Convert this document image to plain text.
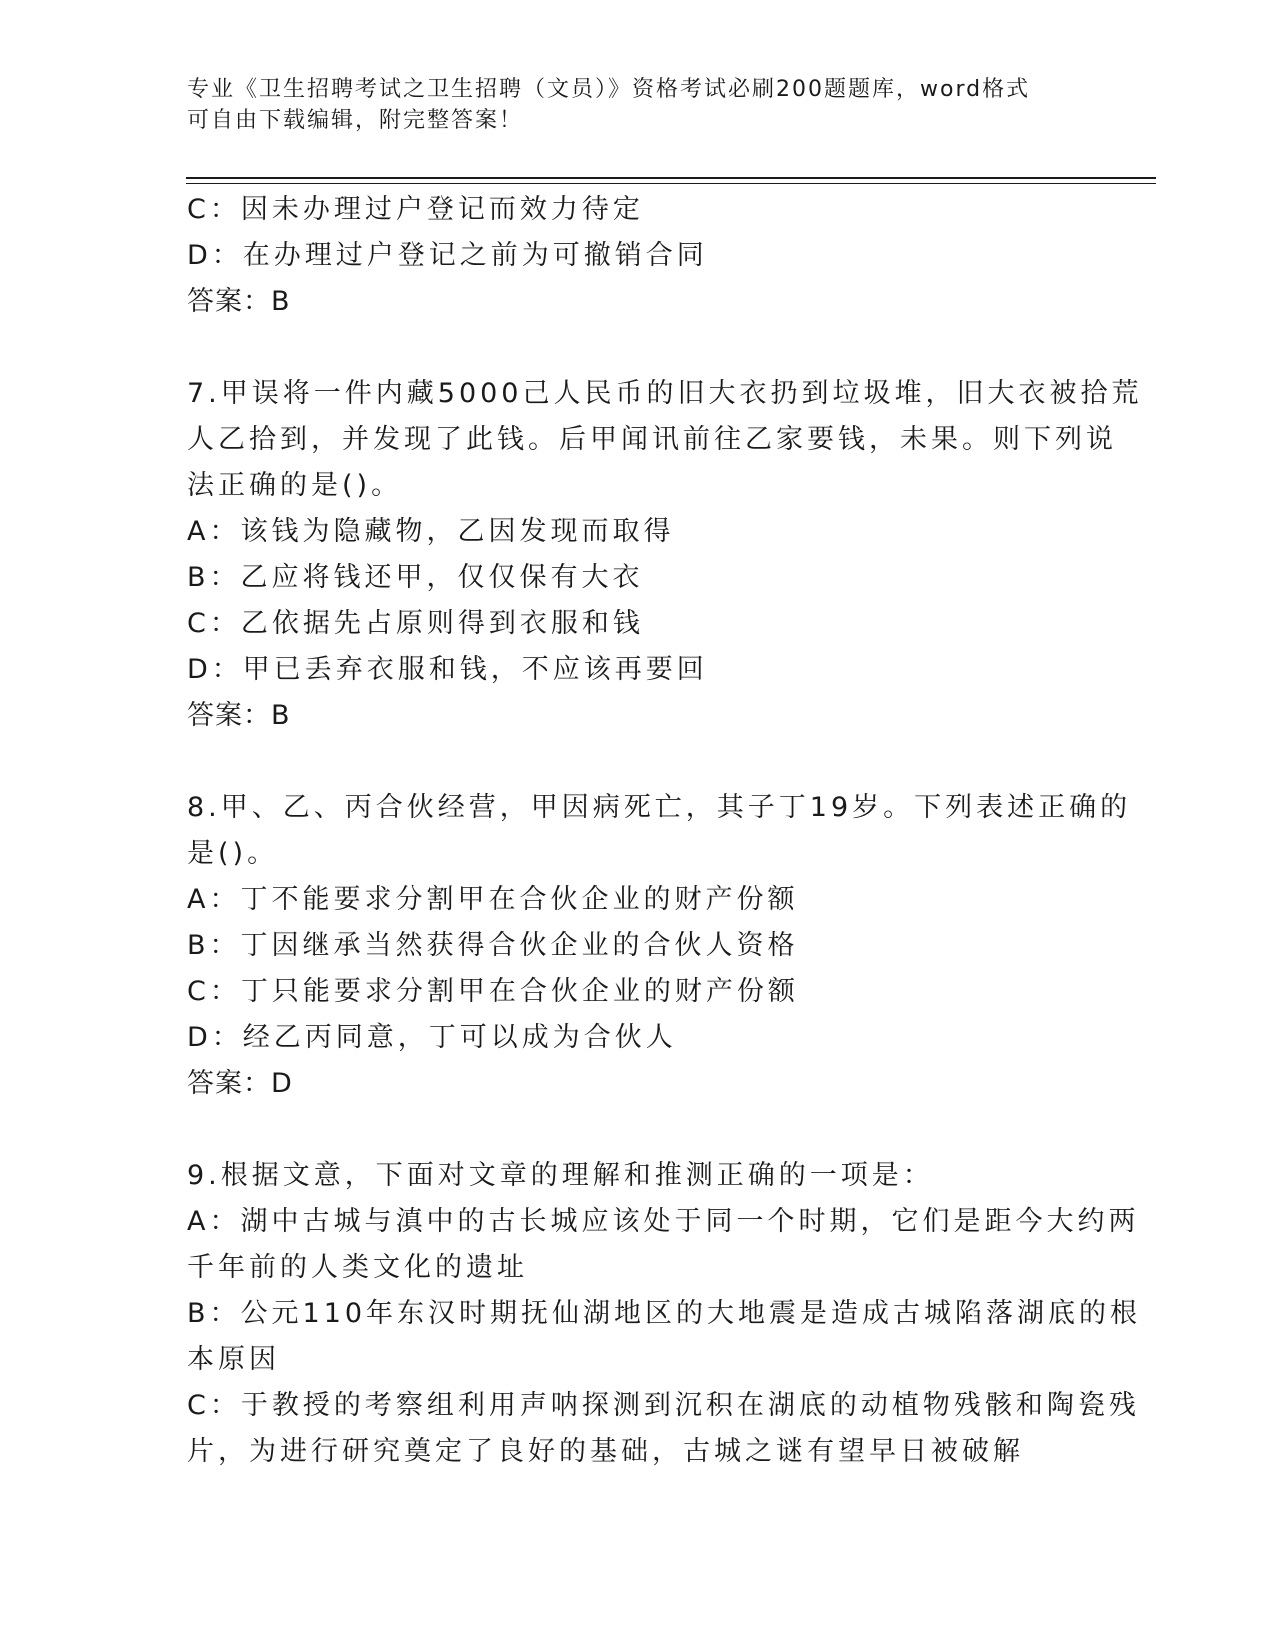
专业《卫生招聘考试之卫生招聘（文员）》资格考试必刷200题题库，word格式
可自由下载编辑，附完整答案！
C：因未办理过户登记而效力待定
D：在办理过户登记之前为可撤销合同
答案：B
7.甲误将一件内藏5000己人民币的旧大衣扔到垃圾堆，旧大衣被拾荒
人乙拾到，并发现了此钱。后甲闻讯前往乙家要钱，未果。则下列说
法正确的是()。
A：该钱为隐藏物，乙因发现而取得
B：乙应将钱还甲，仅仅保有大衣
C：乙依据先占原则得到衣服和钱
D：甲已丢弃衣服和钱，不应该再要回
答案：B
8.甲、乙、丙合伙经营，甲因病死亡，其子丁19岁。下列表述正确的
是()。
A：丁不能要求分割甲在合伙企业的财产份额
B：丁因继承当然获得合伙企业的合伙人资格
C：丁只能要求分割甲在合伙企业的财产份额
D：经乙丙同意，丁可以成为合伙人
答案：D
9.根据文意，下面对文章的理解和推测正确的一项是：
A：湖中古城与滇中的古长城应该处于同一个时期，它们是距今大约两
千年前的人类文化的遗址
B：公元110年东汉时期抚仙湖地区的大地震是造成古城陷落湖底的根
本原因
C：于教授的考察组利用声呐探测到沉积在湖底的动植物残骸和陶瓷残
片，为进行研究奠定了良好的基础，古城之谜有望早日被破解
